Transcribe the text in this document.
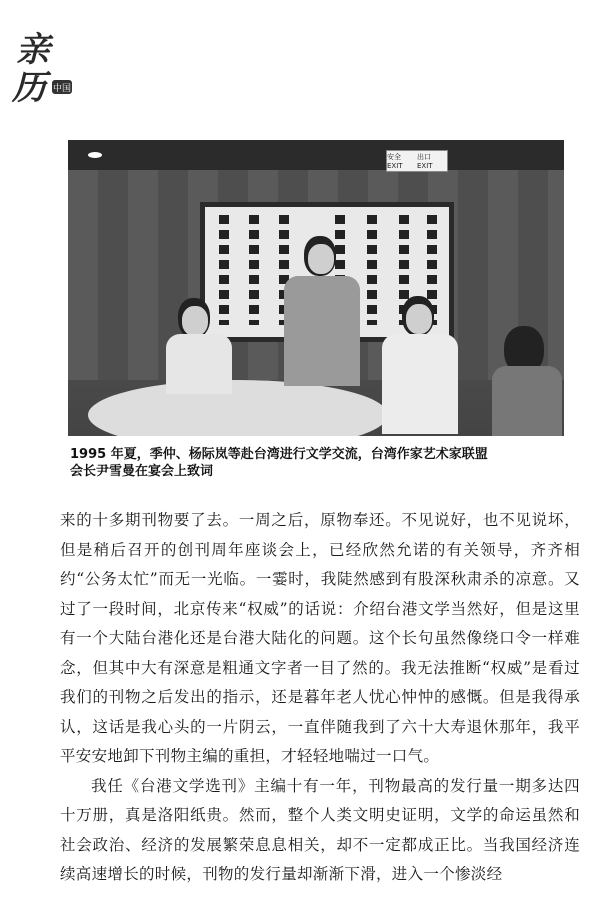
亲
历 中国
安全 EXIT
出口 EXIT
1995 年夏，季仲、杨际岚等赴台湾进行文学交流，台湾作家艺术家联盟
会长尹雪曼在宴会上致词

来的十多期刊物要了去。一周之后，原物奉还。不见说好，也不见说坏，但是稍后召开的创刊周年座谈会上，已经欣然允诺的有关领导，齐齐相约“公务太忙”而无一光临。一霎时，我陡然感到有股深秋肃杀的凉意。又过了一段时间，北京传来“权威”的话说：介绍台港文学当然好，但是这里有一个大陆台港化还是台港大陆化的问题。这个长句虽然像绕口令一样难念，但其中大有深意是粗通文字者一目了然的。我无法推断“权威”是看过我们的刊物之后发出的指示，还是暮年老人忧心忡忡的感慨。但是我得承认，这话是我心头的一片阴云，一直伴随我到了六十大寿退休那年，我平平安安地卸下刊物主编的重担，才轻轻地喘过一口气。

我任《台港文学选刊》主编十有一年，刊物最高的发行量一期多达四十万册，真是洛阳纸贵。然而，整个人类文明史证明，文学的命运虽然和社会政治、经济的发展繁荣息息相关，却不一定都成正比。当我国经济连续高速增长的时候，刊物的发行量却渐渐下滑，进入一个惨淡经
